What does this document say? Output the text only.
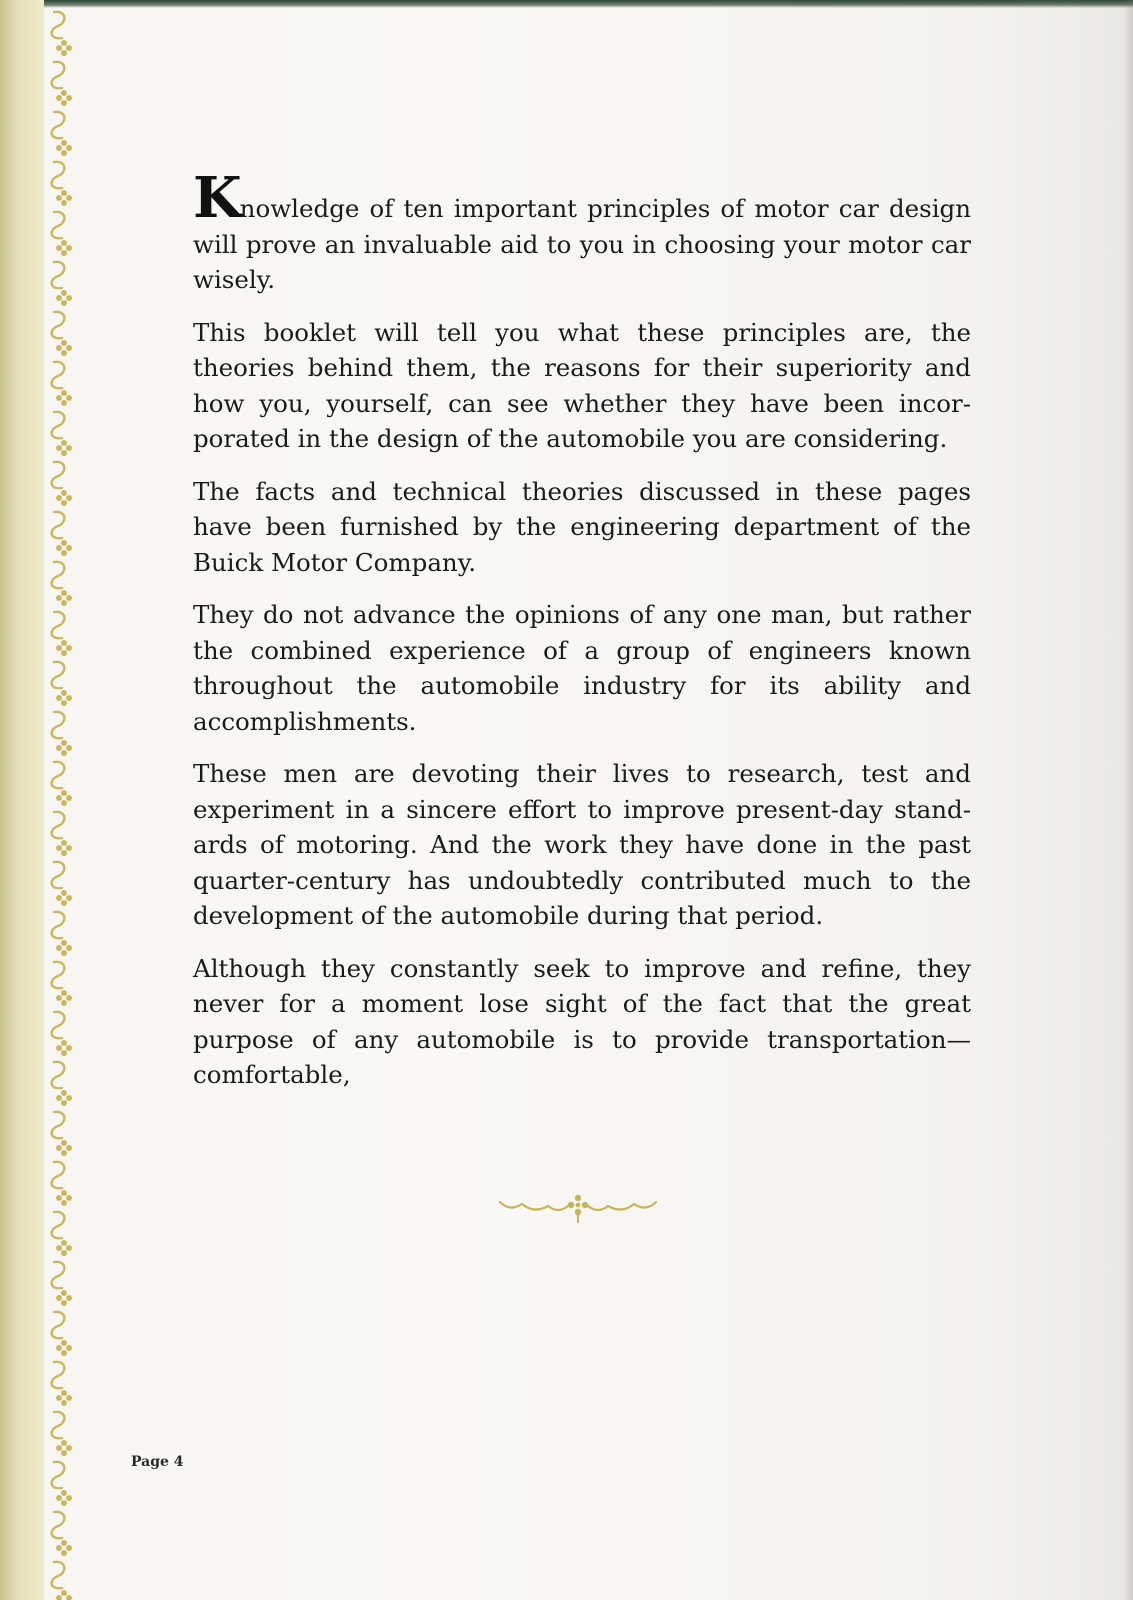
Knowledge of ten important principles of motor car design will prove an invaluable aid to you in choosing your motor car wisely.

This booklet will tell you what these principles are, the theories behind them, the reasons for their superiority and how you, yourself, can see whether they have been incorporated in the design of the automobile you are considering.

The facts and technical theories discussed in these pages have been furnished by the engineering department of the Buick Motor Company.

They do not advance the opinions of any one man, but rather the combined experience of a group of engineers known throughout the automobile industry for its ability and accomplishments.

These men are devoting their lives to research, test and experiment in a sincere effort to improve present-day standards of motoring. And the work they have done in the past quarter-century has undoubtedly contributed much to the development of the automobile during that period.

Although they constantly seek to improve and refine, they never for a moment lose sight of the fact that the great purpose of any automobile is to provide transportation—comfortable,

Page 4
